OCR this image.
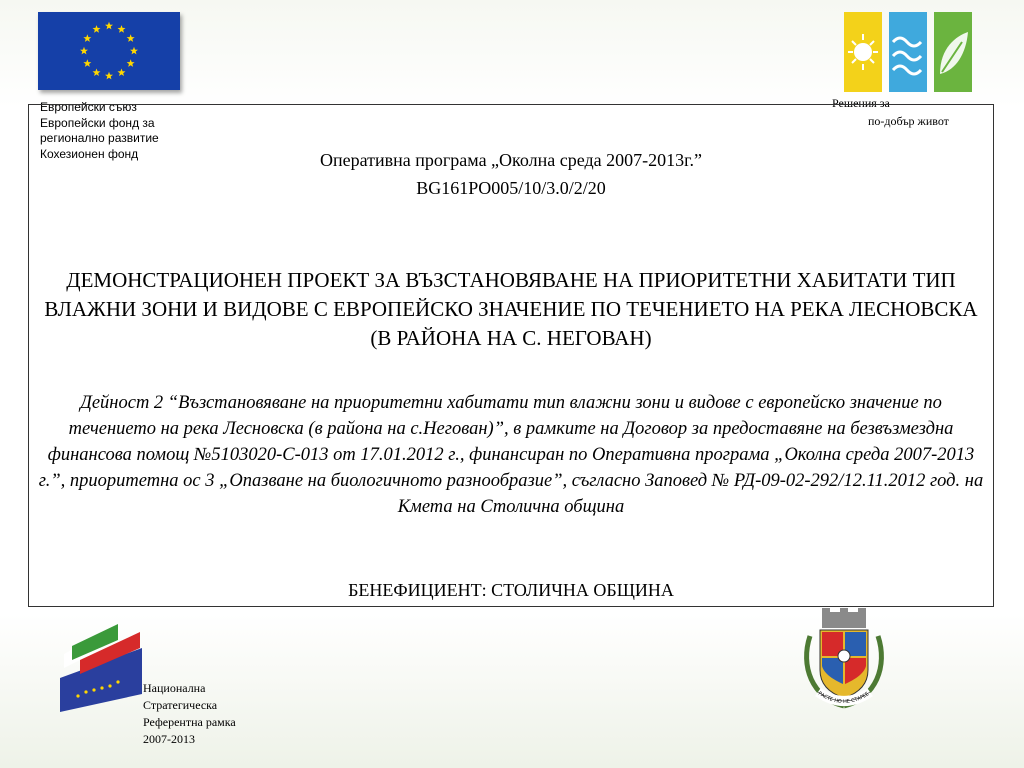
Европейски съюз
Европейски фонд за
регионално развитие
Кохезионен фонд
Решения за
по-добър живот
Оперативна програма „Околна среда 2007-2013г.”
BG161PO005/10/3.0/2/20
ДЕМОНСТРАЦИОНЕН ПРОЕКТ ЗА ВЪЗСТАНОВЯВАНЕ НА ПРИОРИТЕТНИ ХАБИТАТИ ТИП ВЛАЖНИ ЗОНИ И ВИДОВЕ С ЕВРОПЕЙСКО ЗНАЧЕНИЕ ПО ТЕЧЕНИЕТО НА РЕКА ЛЕСНОВСКА (В РАЙОНА НА С. НЕГОВАН)
Дейност 2 “Възстановяване на приоритетни хабитати тип влажни зони и видове с европейско значение по течението на река Лесновска (в района на с.Негован)”, в рамките на Договор за предоставяне на безвъзмездна финансова помощ №5103020-С-013 от 17.01.2012 г., финансиран по Оперативна програма „Околна среда 2007-2013 г.”, приоритетна ос 3 „Опазване на биологичното разнообразие”, съгласно Заповед № РД-09-02-292/12.11.2012 год. на Кмета на Столична община
БЕНЕФИЦИЕНТ: СТОЛИЧНА ОБЩИНА
Национална
Стратегическа
Референтна рамка
2007-2013
РАСТЕ НО НЕ СТАРЕЕ
